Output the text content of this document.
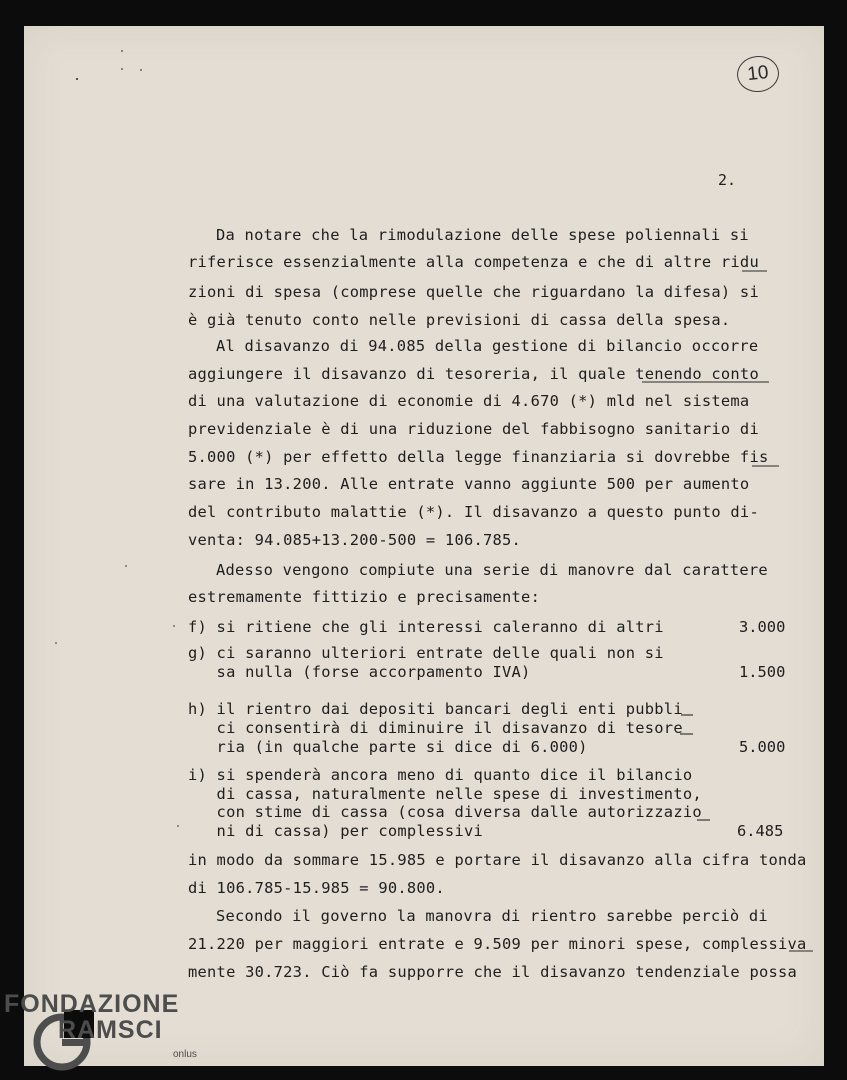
10
2.
Da notare che la rimodulazione delle spese poliennali si
riferisce essenzialmente alla competenza e che di altre ridu
zioni di spesa (comprese quelle che riguardano la difesa) si
è già tenuto conto nelle previsioni di cassa della spesa.
Al disavanzo di 94.085 della gestione di bilancio occorre
aggiungere il disavanzo di tesoreria, il quale tenendo conto
di una valutazione di economie di 4.670 (*) mld nel sistema
previdenziale è di una riduzione del fabbisogno sanitario di
5.000 (*) per effetto della legge finanziaria si dovrebbe fis
sare in 13.200. Alle entrate vanno aggiunte 500 per aumento
del contributo malattie (*). Il disavanzo a questo punto di-
venta: 94.085+13.200-500 = 106.785.
Adesso vengono compiute una serie di manovre dal carattere
estremamente fittizio e precisamente:
f) si ritiene che gli interessi caleranno di altri
g) ci saranno ulteriori entrate delle quali non si
sa nulla (forse accorpamento IVA)
h) il rientro dai depositi bancari degli enti pubbli
ci consentirà di diminuire il disavanzo di tesore
ria (in qualche parte si dice di 6.000)
i) si spenderà ancora meno di quanto dice il bilancio
di cassa, naturalmente nelle spese di investimento,
con stime di cassa (cosa diversa dalle autorizzazio
ni di cassa) per complessivi
in modo da sommare 15.985 e portare il disavanzo alla cifra tonda
di 106.785-15.985 = 90.800.
Secondo il governo la manovra di rientro sarebbe perciò di
21.220 per maggiori entrate e 9.509 per minori spese, complessiva
mente 30.723. Ciò fa supporre che il disavanzo tendenziale possa
3.000
1.500
5.000
6.485
FONDAZIONE
RAMSCI
onlus
